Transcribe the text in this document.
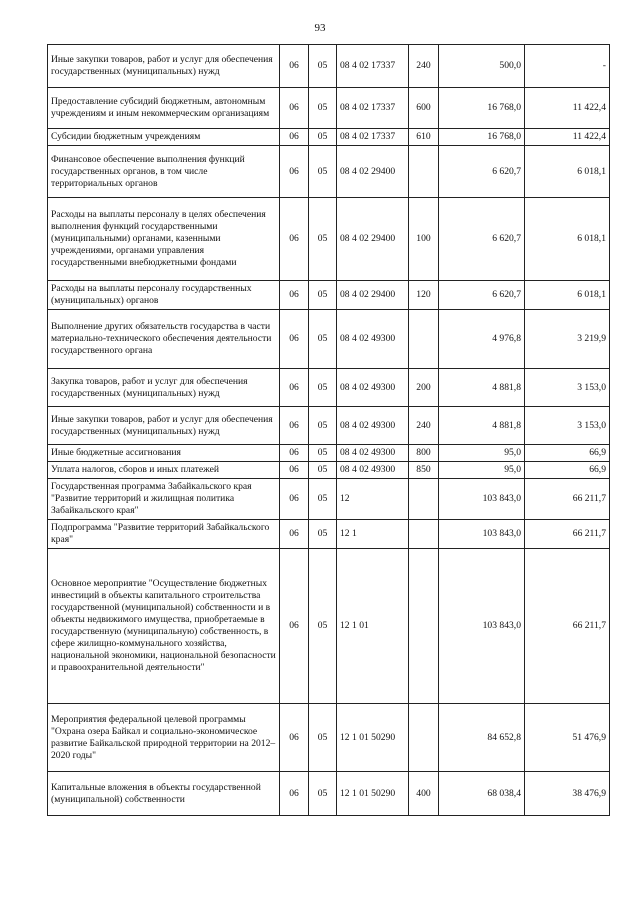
93
Иные закупки товаров, работ и услуг для обеспечения государственных (муниципальных) нужд	06	05	08 4 02 17337	240	500,0	-
Предоставление субсидий бюджетным, автономным учреждениям и иным некоммерческим организациям	06	05	08 4 02 17337	600	16 768,0	11 422,4
Субсидии бюджетным учреждениям	06	05	08 4 02 17337	610	16 768,0	11 422,4
Финансовое обеспечение выполнения функций государственных органов, в том числе территориальных органов	06	05	08 4 02 29400		6 620,7	6 018,1
Расходы на выплаты персоналу в целях обеспечения выполнения функций государственными (муниципальными) органами, казенными учреждениями, органами управления государственными внебюджетными фондами	06	05	08 4 02 29400	100	6 620,7	6 018,1
Расходы на выплаты персоналу государственных (муниципальных) органов	06	05	08 4 02 29400	120	6 620,7	6 018,1
Выполнение других обязательств государства в части материально-технического обеспечения деятельности государственного органа	06	05	08 4 02 49300		4 976,8	3 219,9
Закупка товаров, работ и услуг для обеспечения государственных (муниципальных) нужд	06	05	08 4 02 49300	200	4 881,8	3 153,0
Иные закупки товаров, работ и услуг для обеспечения государственных (муниципальных) нужд	06	05	08 4 02 49300	240	4 881,8	3 153,0
Иные бюджетные ассигнования	06	05	08 4 02 49300	800	95,0	66,9
Уплата налогов, сборов и иных платежей	06	05	08 4 02 49300	850	95,0	66,9
Государственная программа Забайкальского края "Развитие территорий и жилищная политика Забайкальского края"	06	05	12		103 843,0	66 211,7
Подпрограмма "Развитие территорий Забайкальского края"	06	05	12 1		103 843,0	66 211,7
Основное мероприятие "Осуществление бюджетных инвестиций в объекты капитального строительства государственной (муниципальной) собственности и в объекты недвижимого имущества, приобретаемые в государственную (муниципальную) собственность, в сфере жилищно-коммунального хозяйства, национальной экономики, национальной безопасности и правоохранительной деятельности"	06	05	12 1 01		103 843,0	66 211,7
Мероприятия федеральной целевой программы "Охрана озера Байкал и социально-экономическое развитие Байкальской природной территории на 2012–2020 годы"	06	05	12 1 01 50290		84 652,8	51 476,9
Капитальные вложения в объекты государственной (муниципальной) собственности	06	05	12 1 01 50290	400	68 038,4	38 476,9
